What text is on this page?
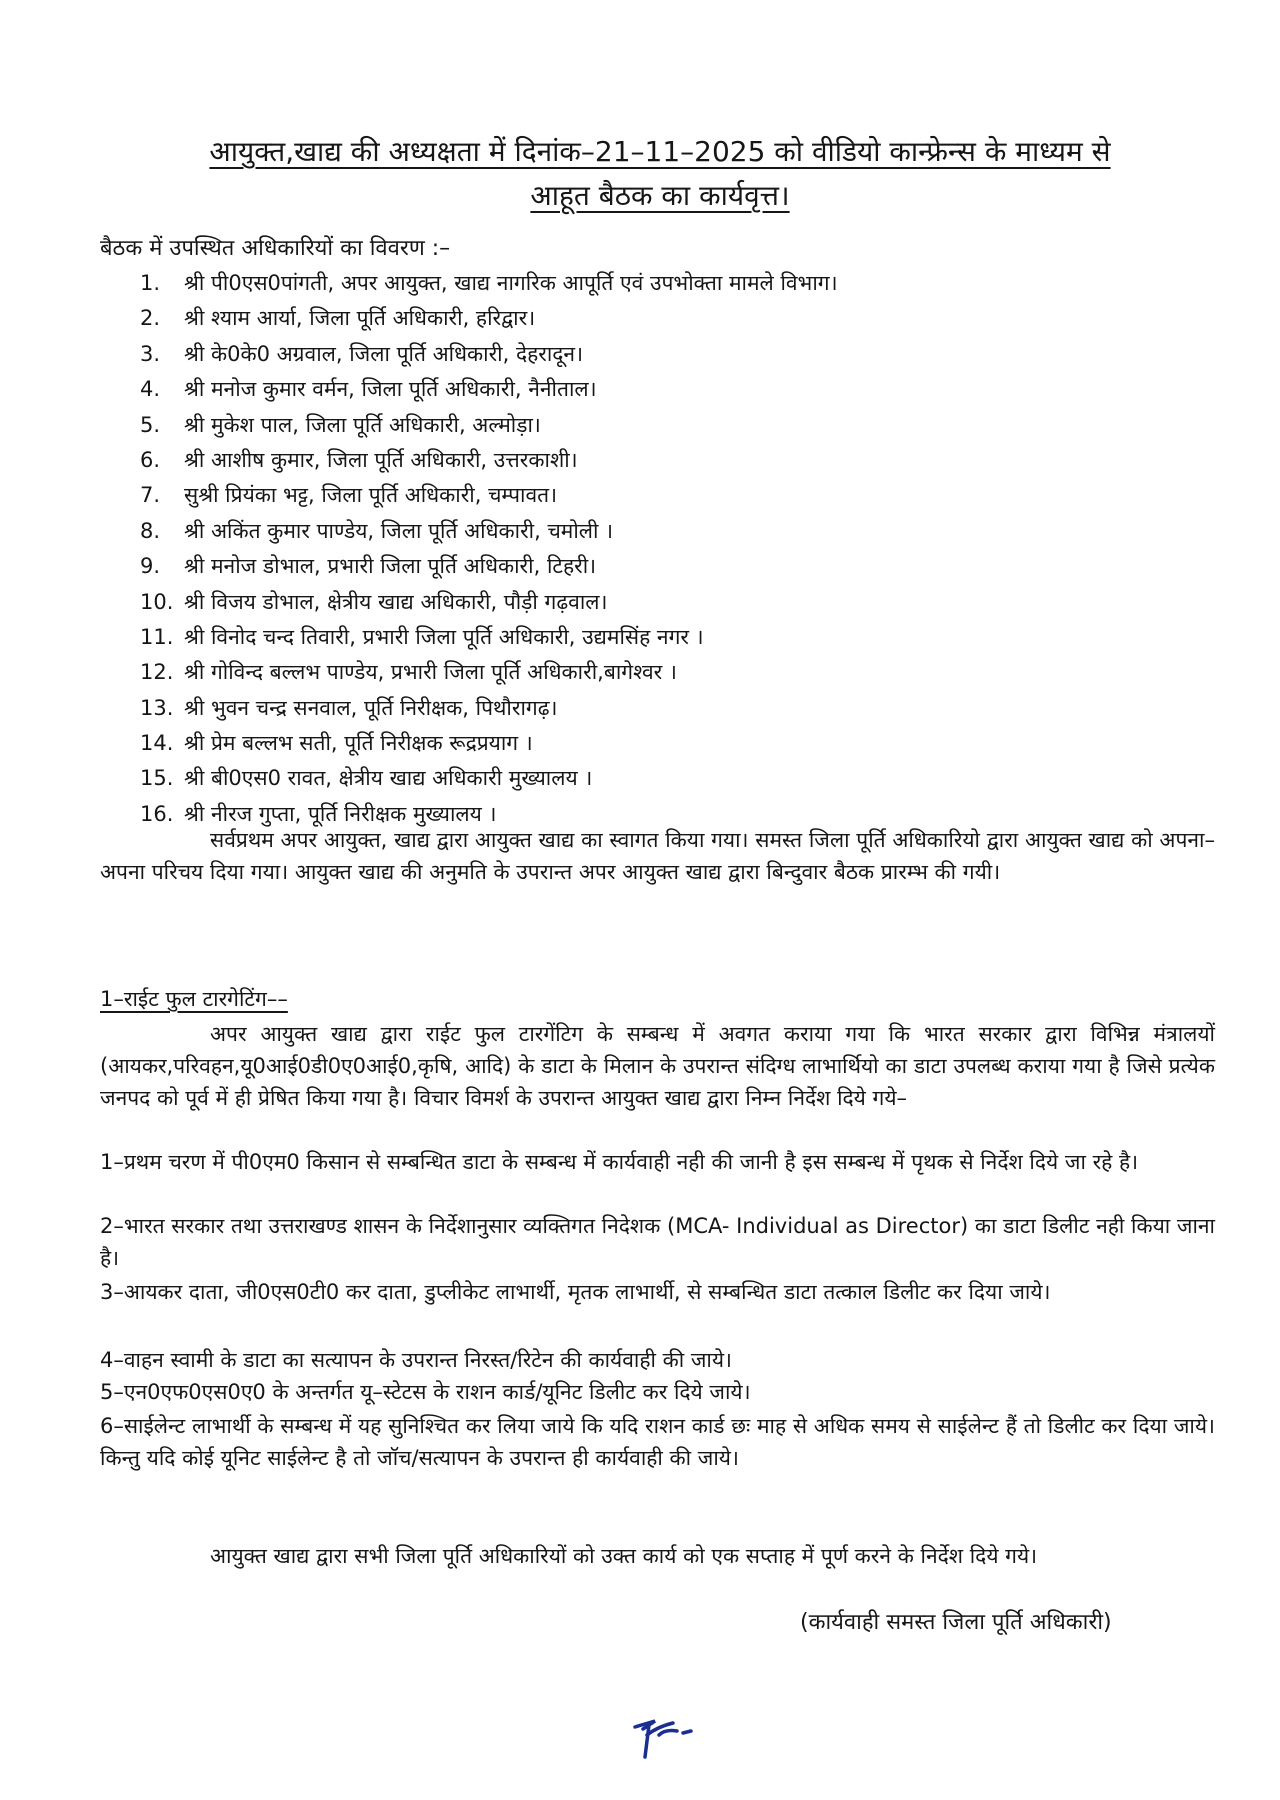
आयुक्त,खाद्य की अध्यक्षता में दिनांक–21–11–2025 को वीडियो कान्फ्रेन्स के माध्यम से
आहूत बैठक का कार्यवृत्त।
बैठक में उपस्थित अधिकारियों का विवरण :–
1. श्री पी0एस0पांगती, अपर आयुक्त, खाद्य नागरिक आपूर्ति एवं उपभोक्ता मामले विभाग।
2. श्री श्याम आर्या, जिला पूर्ति अधिकारी, हरिद्वार।
3. श्री के0के0 अग्रवाल, जिला पूर्ति अधिकारी, देहरादून।
4. श्री मनोज कुमार वर्मन, जिला पूर्ति अधिकारी, नैनीताल।
5. श्री मुकेश पाल, जिला पूर्ति अधिकारी, अल्मोड़ा।
6. श्री आशीष कुमार, जिला पूर्ति अधिकारी, उत्तरकाशी।
7. सुश्री प्रियंका भट्ट, जिला पूर्ति अधिकारी, चम्पावत।
8. श्री अकिंत कुमार पाण्डेय, जिला पूर्ति अधिकारी, चमोली ।
9. श्री मनोज डोभाल, प्रभारी जिला पूर्ति अधिकारी, टिहरी।
10. श्री विजय डोभाल, क्षेत्रीय खाद्य अधिकारी, पौड़ी गढ़वाल।
11. श्री विनोद चन्द तिवारी, प्रभारी जिला पूर्ति अधिकारी, उद्यमसिंह नगर ।
12. श्री गोविन्द बल्लभ पाण्डेय, प्रभारी जिला पूर्ति अधिकारी,बागेश्वर ।
13. श्री भुवन चन्द्र सनवाल, पूर्ति निरीक्षक, पिथौरागढ़।
14. श्री प्रेम बल्लभ सती, पूर्ति निरीक्षक रूद्रप्रयाग ।
15. श्री बी0एस0 रावत, क्षेत्रीय खाद्य अधिकारी मुख्यालय ।
16. श्री नीरज गुप्ता, पूर्ति निरीक्षक मुख्यालय ।

सर्वप्रथम अपर आयुक्त, खाद्य द्वारा आयुक्त खाद्य का स्वागत किया गया। समस्त जिला पूर्ति अधिकारियो द्वारा आयुक्त खाद्य को अपना–अपना परिचय दिया गया। आयुक्त खाद्य की अनुमति के उपरान्त अपर आयुक्त खाद्य द्वारा बिन्दुवार बैठक प्रारम्भ की गयी।

1–राईट फुल टारगेटिंग––

अपर आयुक्त खाद्य द्वारा राईट फुल टारगेंटिग के सम्बन्ध में अवगत कराया गया कि भारत सरकार द्वारा विभिन्न मंत्रालयों (आयकर,परिवहन,यू0आई0डी0ए0आई0,कृषि, आदि) के डाटा के मिलान के उपरान्त संदिग्ध लाभार्थियो का डाटा उपलब्ध कराया गया है जिसे प्रत्येक जनपद को पूर्व में ही प्रेषित किया गया है। विचार विमर्श के उपरान्त आयुक्त खाद्य द्वारा निम्न निर्देश दिये गये–

1–प्रथम चरण में पी0एम0 किसान से सम्बन्धित डाटा के सम्बन्ध में कार्यवाही नही की जानी है इस सम्बन्ध में पृथक से निर्देश दिये जा रहे है।

2–भारत सरकार तथा उत्तराखण्ड शासन के निर्देशानुसार व्यक्तिगत निदेशक (MCA- Individual as Director) का डाटा डिलीट नही किया जाना है।

3–आयकर दाता, जी0एस0टी0 कर दाता, डुप्लीकेट लाभार्थी, मृतक लाभार्थी, से सम्बन्धित डाटा तत्काल डिलीट कर दिया जाये।

4–वाहन स्वामी के डाटा का सत्यापन के उपरान्त निरस्त/रिटेन की कार्यवाही की जाये।

5–एन0एफ0एस0ए0 के अन्तर्गत यू–स्टेटस के राशन कार्ड/यूनिट डिलीट कर दिये जाये।

6–साईलेन्ट लाभार्थी के सम्बन्ध में यह सुनिश्चित कर लिया जाये कि यदि राशन कार्ड छः माह से अधिक समय से साईलेन्ट हैं तो डिलीट कर दिया जाये। किन्तु यदि कोई यूनिट साईलेन्ट है तो जॉच/सत्यापन के उपरान्त ही कार्यवाही की जाये।

आयुक्त खाद्य द्वारा सभी जिला पूर्ति अधिकारियों को उक्त कार्य को एक सप्ताह में पूर्ण करने के निर्देश दिये गये।

(कार्यवाही समस्त जिला पूर्ति अधिकारी)
